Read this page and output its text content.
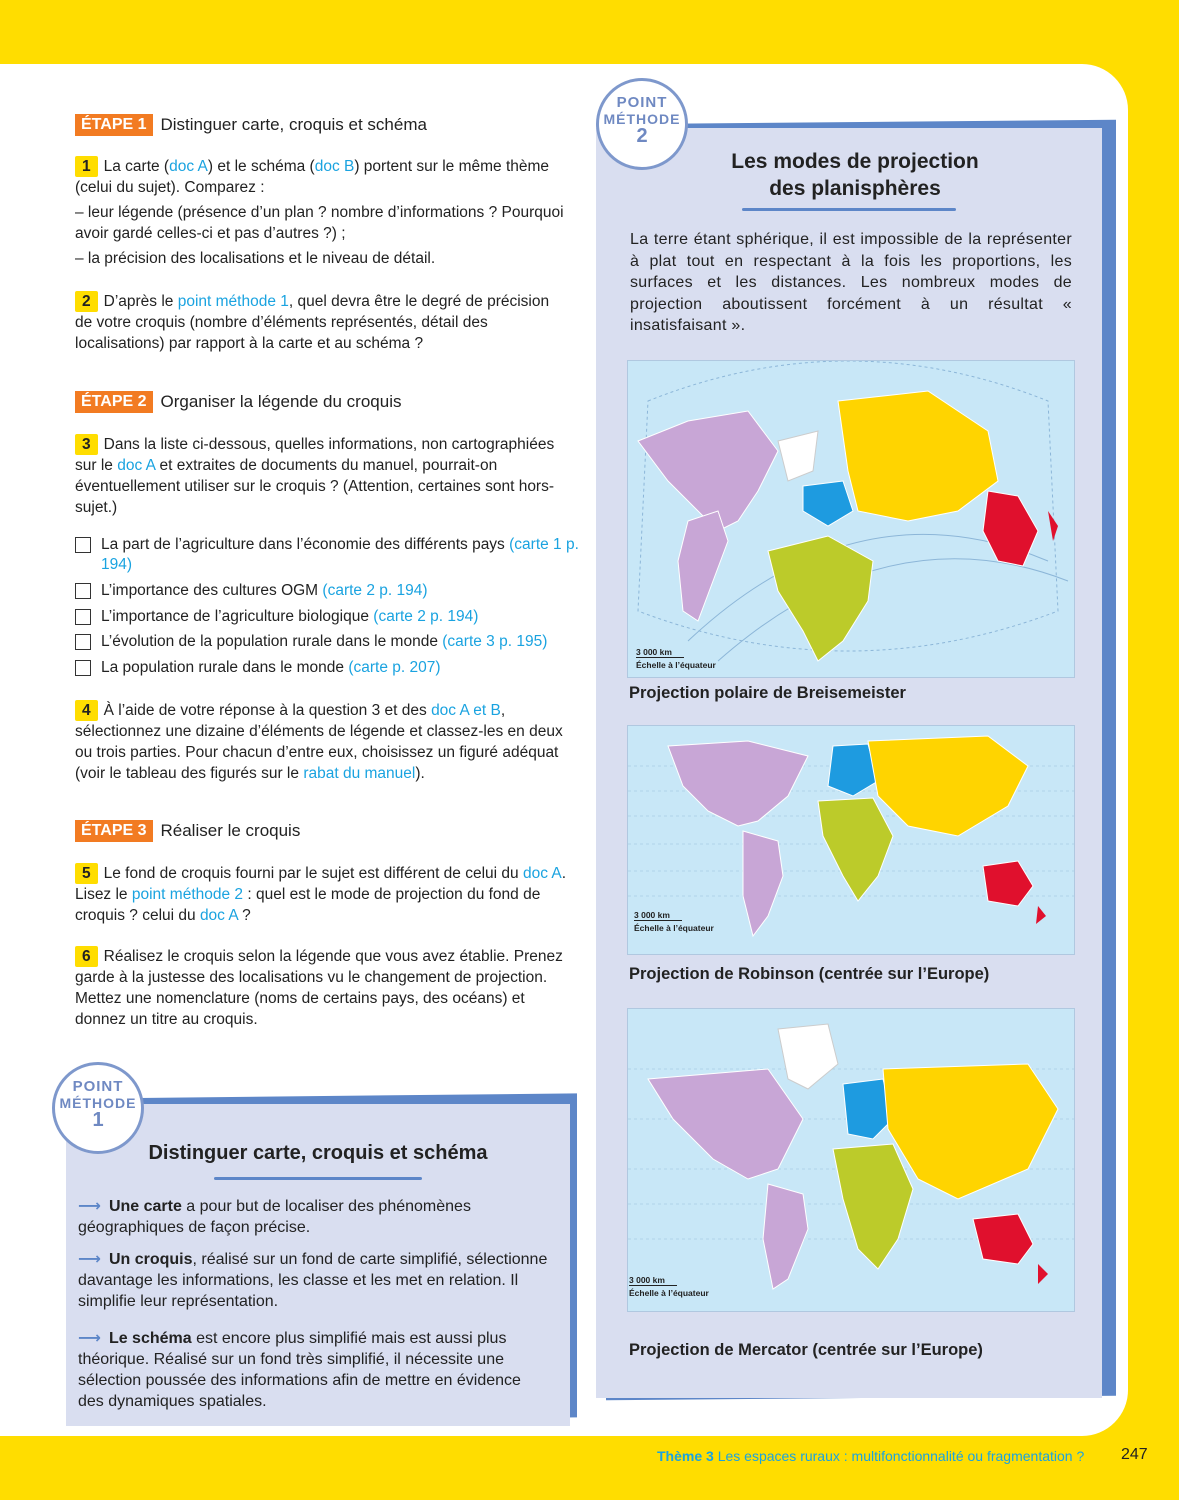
ÉTAPE 1 Distinguer carte, croquis et schéma

1 La carte (doc A) et le schéma (doc B) portent sur le même thème (celui du sujet). Comparez :

– leur légende (présence d’un plan ? nombre d’informations ? Pourquoi avoir gardé celles-ci et pas d’autres ?) ;

– la précision des localisations et le niveau de détail.

2 D’après le point méthode 1, quel devra être le degré de précision de votre croquis (nombre d’éléments représentés, détail des localisations) par rapport à la carte et au schéma ?
ÉTAPE 2 Organiser la légende du croquis
3 Dans la liste ci-dessous, quelles informations, non cartographiées sur le doc A et extraites de documents du manuel, pourrait-on éventuellement utiliser sur le croquis ? (Attention, certaines sont hors-sujet.)
La part de l’agriculture dans l’économie des différents pays (carte 1 p. 194)
L’importance des cultures OGM (carte 2 p. 194)
L’importance de l’agriculture biologique (carte 2 p. 194)
L’évolution de la population rurale dans le monde (carte 3 p. 195)
La population rurale dans le monde (carte p. 207)
4 À l’aide de votre réponse à la question 3 et des doc A et B, sélectionnez une dizaine d’éléments de légende et classez-les en deux ou trois parties. Pour chacun d’entre eux, choisissez un figuré adéquat (voir le tableau des figurés sur le rabat du manuel).
ÉTAPE 3 Réaliser le croquis
5 Le fond de croquis fourni par le sujet est différent de celui du doc A. Lisez le point méthode 2 : quel est le mode de projection du fond de croquis ? celui du doc A ?
6 Réalisez le croquis selon la légende que vous avez établie. Prenez garde à la justesse des localisations vu le changement de projection. Mettez une nomenclature (noms de certains pays, des océans) et donnez un titre au croquis.
POINT
MÉTHODE
1
Distinguer carte, croquis et schéma
⟶ Une carte a pour but de localiser des phénomènes géographiques de façon précise.
⟶ Un croquis, réalisé sur un fond de carte simplifié, sélectionne davantage les informations, les classe et les met en relation. Il simplifie leur représentation.
⟶ Le schéma est encore plus simplifié mais est aussi plus théorique. Réalisé sur un fond très simplifié, il nécessite une sélection poussée des informations afin de mettre en évidence des dynamiques spatiales.
POINT
MÉTHODE
2
Les modes de projection
des planisphères
La terre étant sphérique, il est impossible de la représenter à plat tout en respectant à la fois les proportions, les surfaces et les distances. Les nombreux modes de projection aboutissent forcément à un résultat « insatisfaisant ».
3 000 km
Échelle à l’équateur
Projection polaire de Breisemeister
3 000 km
Échelle à l’équateur
Projection de Robinson (centrée sur l’Europe)
3 000 km
Échelle à l’équateur
Projection de Mercator (centrée sur l’Europe)
Thème 3 Les espaces ruraux : multifonctionnalité ou fragmentation ? 247
